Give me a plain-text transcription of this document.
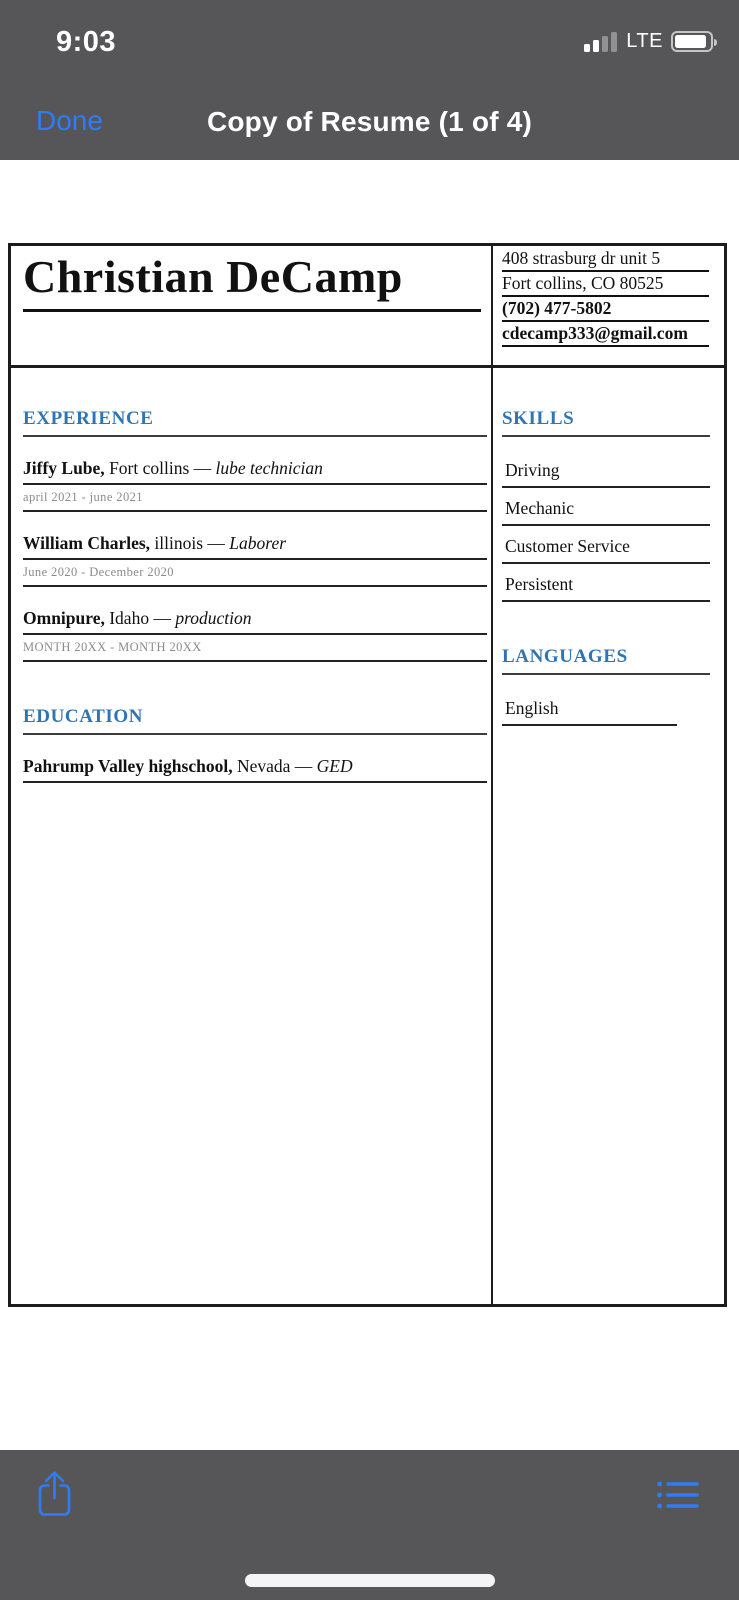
9:03	LTE
Done	Copy of Resume (1 of 4)
Christian DeCamp	408 strasburg dr unit 5
Fort collins, CO 80525
(702) 477-5802
cdecamp333@gmail.com
EXPERIENCE
Jiffy Lube, Fort collins — lube technician
april 2021 - june 2021
William Charles, illinois — Laborer
June 2020 - December 2020
Omnipure, Idaho — production
MONTH 20XX - MONTH 20XX
EDUCATION
Pahrump Valley highschool, Nevada — GED
SKILLS
Driving
Mechanic
Customer Service
Persistent
LANGUAGES
English
